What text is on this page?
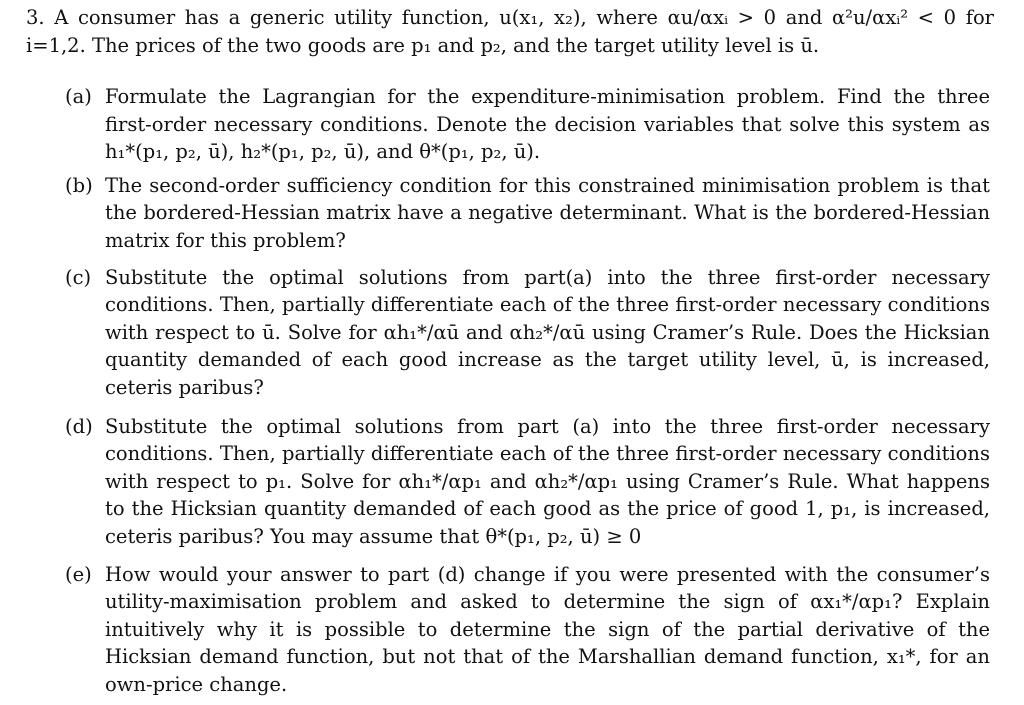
3. A consumer has a generic utility function, u(x₁, x₂), where αu/αxᵢ > 0 and α²u/αxᵢ² < 0 for i=1,2. The prices of the two goods are p₁ and p₂, and the target utility level is ū.
(a) Formulate the Lagrangian for the expenditure-minimisation problem. Find the three first-order necessary conditions. Denote the decision variables that solve this system as h₁*(p₁, p₂, ū), h₂*(p₁, p₂, ū), and θ*(p₁, p₂, ū).
(b) The second-order sufficiency condition for this constrained minimisation problem is that the bordered-Hessian matrix have a negative determinant. What is the bordered-Hessian matrix for this problem?
(c) Substitute the optimal solutions from part(a) into the three first-order necessary conditions. Then, partially differentiate each of the three first-order necessary conditions with respect to ū. Solve for αh₁*/αū and αh₂*/αū using Cramer’s Rule. Does the Hicksian quantity demanded of each good increase as the target utility level, ū, is increased, ceteris paribus?
(d) Substitute the optimal solutions from part (a) into the three first-order necessary conditions. Then, partially differentiate each of the three first-order necessary conditions with respect to p₁. Solve for αh₁*/αp₁ and αh₂*/αp₁ using Cramer’s Rule. What happens to the Hicksian quantity demanded of each good as the price of good 1, p₁, is increased, ceteris paribus? You may assume that θ*(p₁, p₂, ū) ≥ 0
(e) How would your answer to part (d) change if you were presented with the consumer’s utility-maximisation problem and asked to determine the sign of αx₁*/αp₁? Explain intuitively why it is possible to determine the sign of the partial derivative of the Hicksian demand function, but not that of the Marshallian demand function, x₁*, for an own-price change.
